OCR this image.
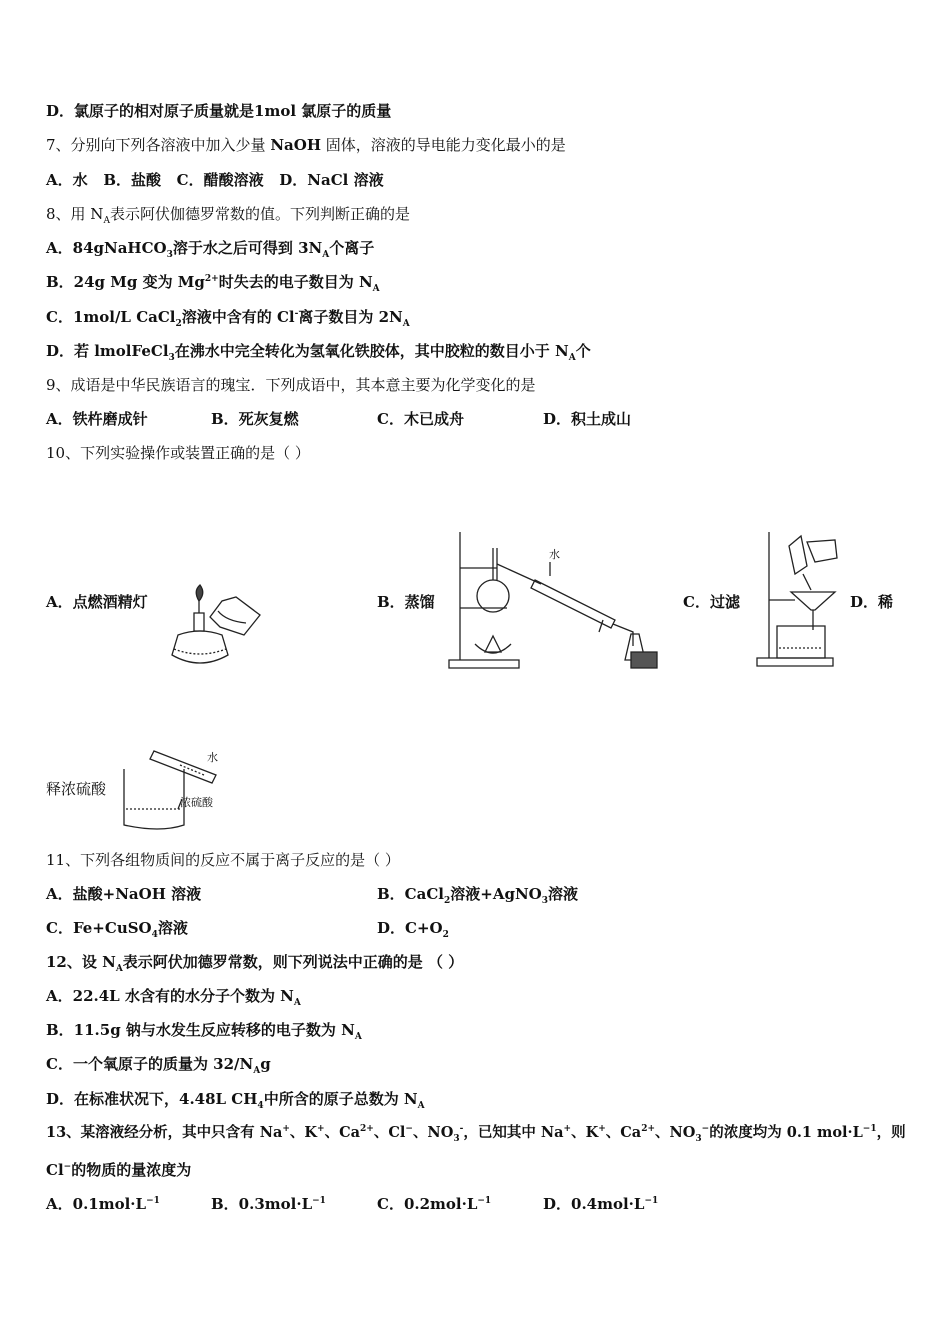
D．氯原子的相对原子质量就是1mol 氯原子的质量
7、分别向下列各溶液中加入少量 NaOH 固体，溶液的导电能力变化最小的是
A．水 B．盐酸 C．醋酸溶液 D．NaCl 溶液
8、用 $N_A$表示阿伏伽德罗常数的值。下列判断正确的是
A．84gNaHCO$_3$溶于水之后可得到 $3N_A$个离子
B．24g Mg 变为 $Mg^{2+}$时失去的电子数目为 $N_A$
C．1mol/L CaCl$_2$溶液中含有的 Cl-离子数目为 $2N_A$
D．若 lmolFeCl$_3$在沸水中完全转化为氢氧化铁胶体，其中胶粒的数目小于 $N_A$个
9、成语是中华民族语言的瑰宝．下列成语中，其本意主要为化学变化的是
A．铁杵磨成针	B．死灰复燃	C．木已成舟	D．积土成山
10、下列实验操作或装置正确的是（ ）
A．点燃酒精灯	B．蒸馏	C．过滤	D．稀
释浓硫酸
水
水
浓硫酸
11、下列各组物质间的反应不属于离子反应的是（ ）
A．盐酸+NaOH 溶液	B．CaCl$_2$溶液+AgNO$_3$溶液
C．Fe+CuSO$_4$溶液	D．$C+O_2$
12、设 $N_A$表示阿伏加德罗常数，则下列说法中正确的是 （ ）
A．22.4L 水含有的水分子个数为 $N_A$
B．11.5g 钠与水发生反应转移的电子数为 $N_A$
C．一个氧原子的质量为 $32/N_Ag$
D．在标准状况下，4.48L $CH_4$中所含的原子总数为 $N_A$
13、某溶液经分析，其中只含有 Na+、K+、$Ca^{2+}$、Cl−、$NO_3^-$，已知其中 Na+、K+、$Ca^{2+}$、$NO_3^-$的浓度均为 0.1 $mol\cdot L^{-1}$，则
Cl−的物质的量浓度为
A．$0.1mol\cdot L^{-1}$	B．$0.3mol\cdot L^{-1}$	C．$0.2mol\cdot L^{-1}$	D．$0.4mol\cdot L^{-1}$
